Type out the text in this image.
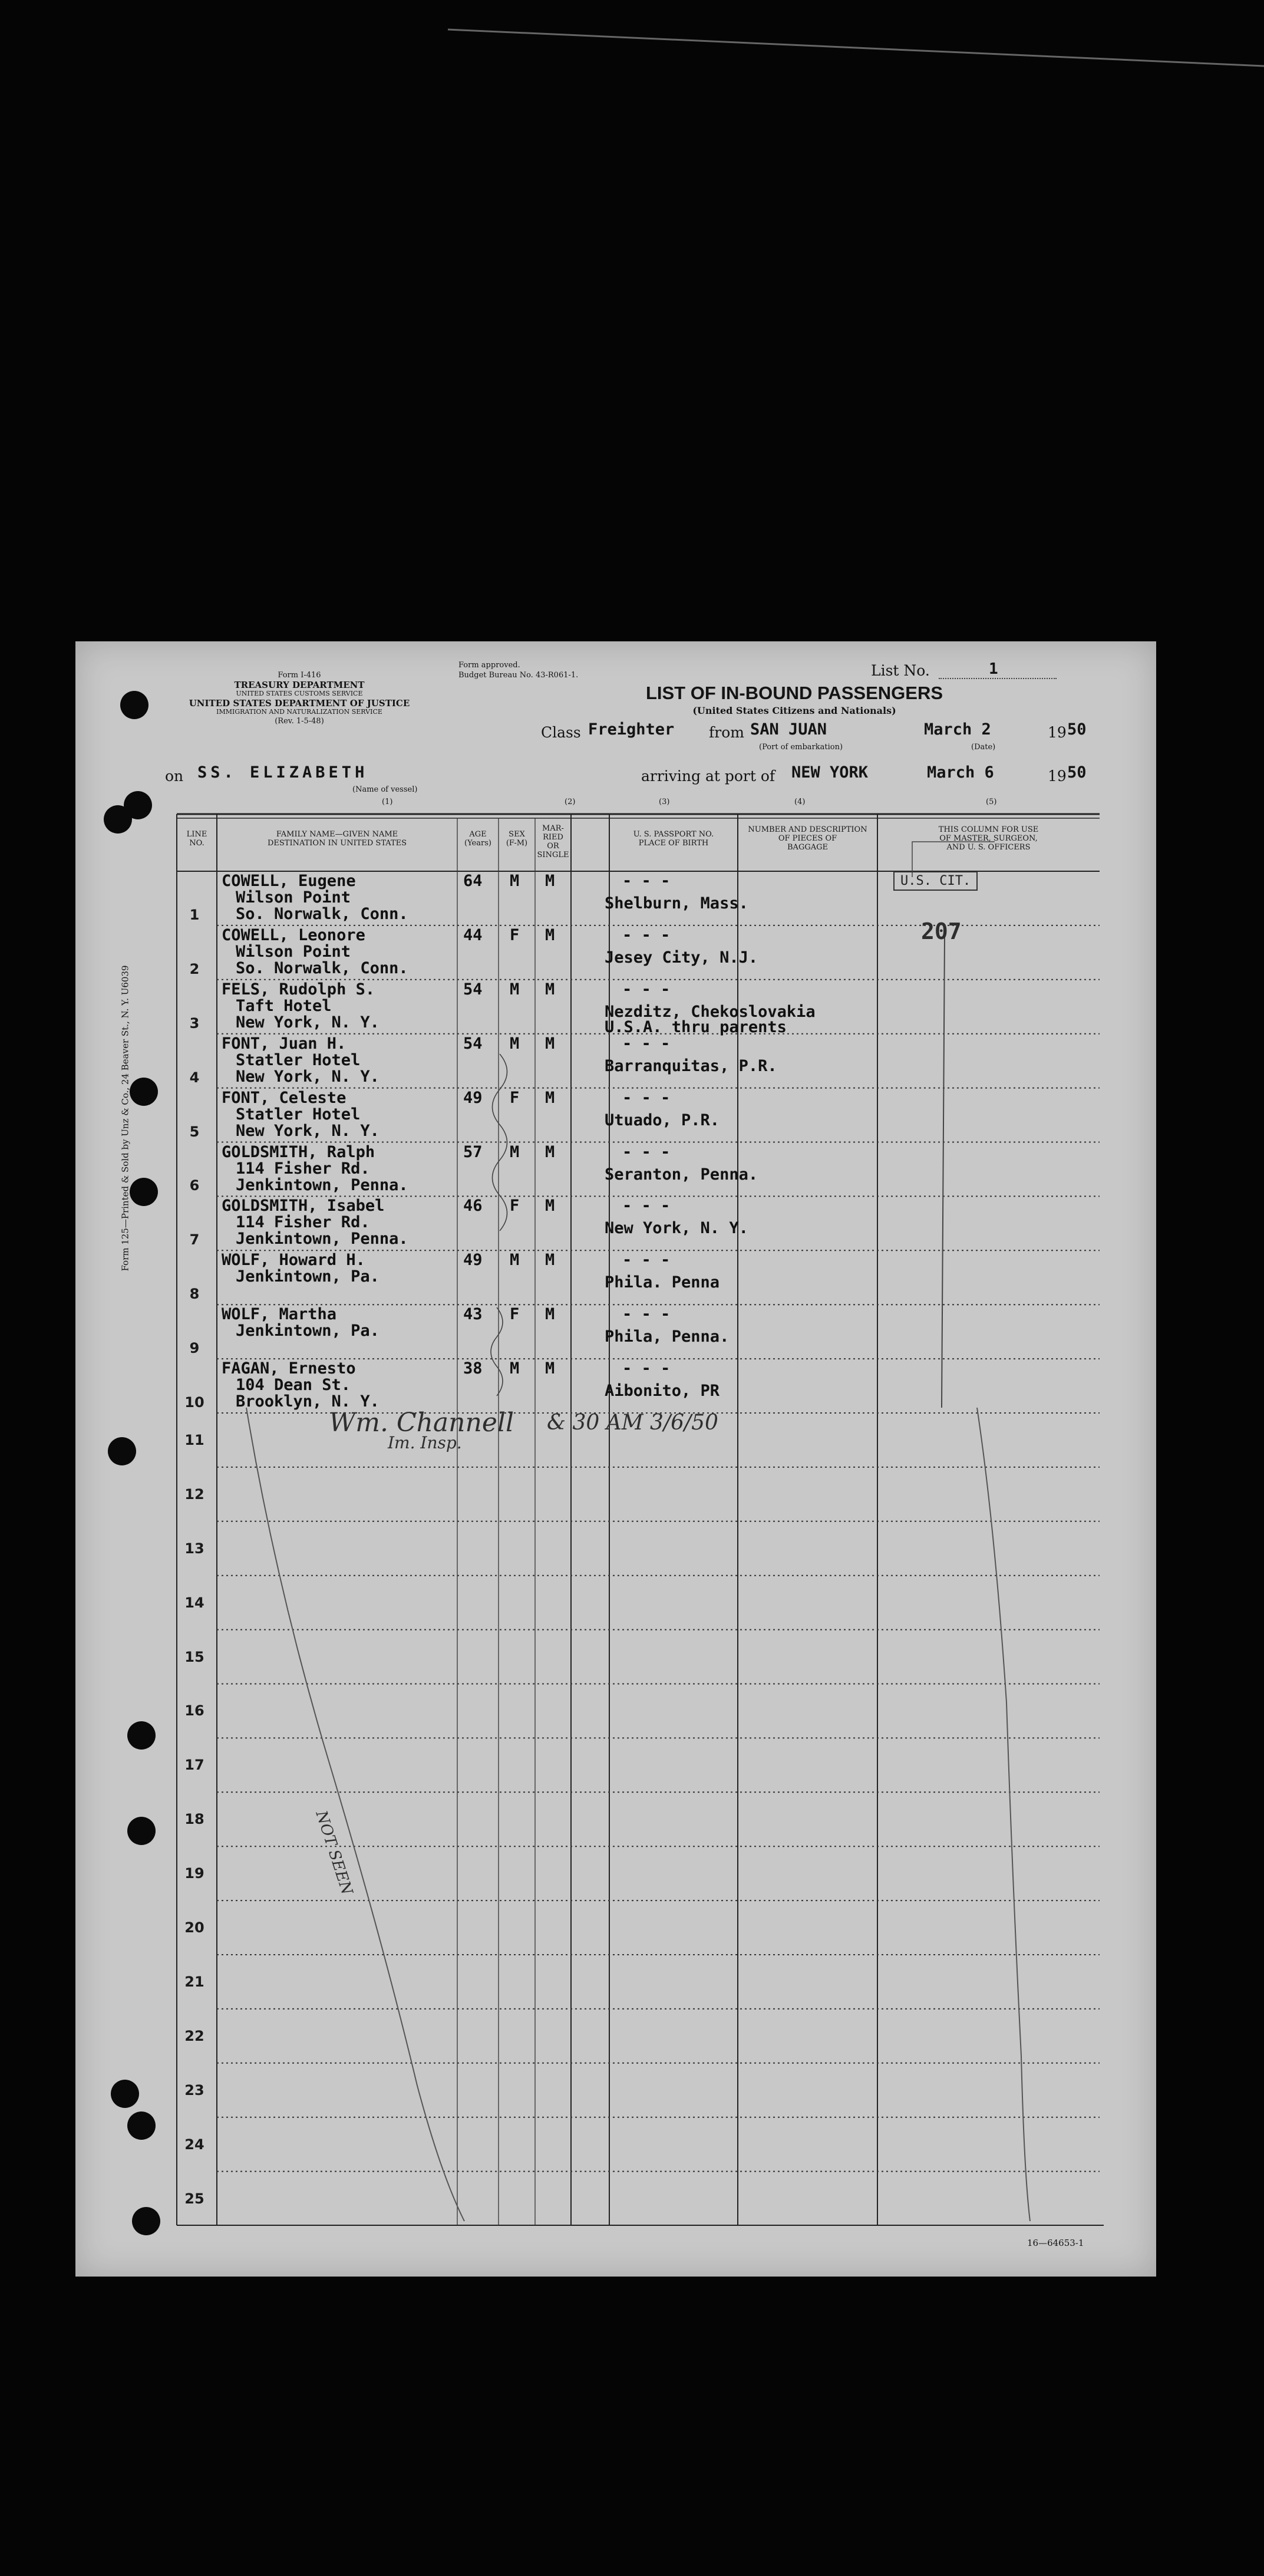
Form I-416
TREASURY DEPARTMENT
UNITED STATES CUSTOMS SERVICE
UNITED STATES DEPARTMENT OF JUSTICE
IMMIGRATION AND NATURALIZATION SERVICE
(Rev. 1-5-48)
Form approved.
Budget Bureau No. 43-R061-1.
LIST OF IN-BOUND PASSENGERS
(United States Citizens and Nationals)
List No.	1
Class Freighter from SAN JUAN
(Port of embarkation)
March 2
(Date)
19 50
on SS. ELIZABETH
(Name of vessel)
arriving at port of NEW YORK	March 6	19 50
(1)	(2)	(3)	(4)	(5)
Form 125—Printed & Sold by Unz & Co., 24 Beaver St., N. Y. U6039
LINE
NO.
FAMILY NAME—GIVEN NAME
DESTINATION IN UNITED STATES
AGE
(Years)
SEX
(F-M)
MAR-
RIED
OR
SINGLE
U. S. PASSPORT NO.
PLACE OF BIRTH
NUMBER AND DESCRIPTION
OF PIECES OF
BAGGAGE
THIS COLUMN FOR USE
OF MASTER, SURGEON,
AND U. S. OFFICERS
1
COWELL, Eugene
Wilson Point
So. Norwalk, Conn.
64 M M	- - -
Shelburn, Mass.
2
COWELL, Leonore
Wilson Point
So. Norwalk, Conn.
44 F M	- - -
Jesey City, N.J.
3
FELS, Rudolph S.
Taft Hotel
New York, N. Y.
54 M M	- - -
Nezditz, Chekoslovakia
U.S.A. thru parents
4
FONT, Juan H.
Statler Hotel
New York, N. Y.
54 M M	- - -
Barranquitas, P.R.
5
FONT, Celeste
Statler Hotel
New York, N. Y.
49 F M	- - -
Utuado, P.R.
6
GOLDSMITH, Ralph
114 Fisher Rd.
Jenkintown, Penna.
57 M M	- - -
Seranton, Penna.
7
GOLDSMITH, Isabel
114 Fisher Rd.
Jenkintown, Penna.
46 F M	- - -
New York, N. Y.
8
WOLF, Howard H.
Jenkintown, Pa.
49 M M	- - -
Phila. Penna
9
WOLF, Martha
Jenkintown, Pa.
43 F M	- - -
Phila, Penna.
10
FAGAN, Ernesto
104 Dean St.
Brooklyn, N. Y.
38 M M	- - -
Aibonito, PR
11
12
13
14
15
16
17
18
19
20
21
22
23
24
25
U.S. CIT.
207
Wm. Channell
Im. Insp.
& 30 AM 3/6/50
NOT SEEN
16—64653-1
